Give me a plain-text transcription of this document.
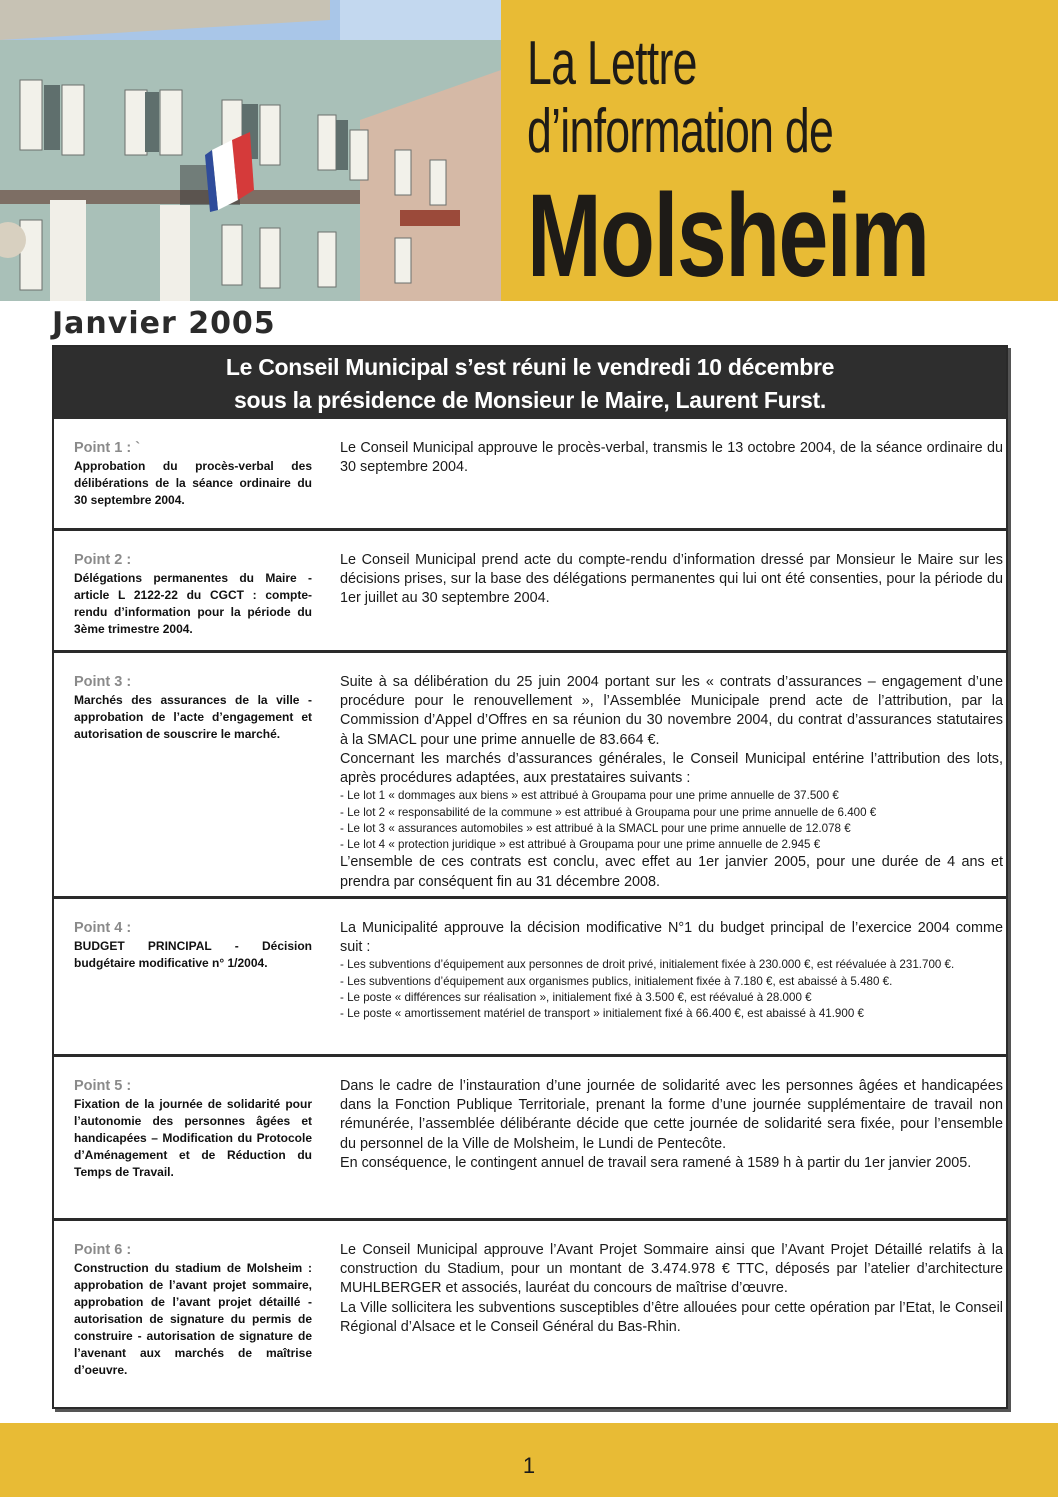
La Lettre
d’information de
Molsheim
Janvier 2005
Le Conseil Municipal s’est réuni le vendredi 10 décembre
sous la présidence de Monsieur le Maire, Laurent Furst.
Point 1 : `
Approbation du procès-verbal des délibérations de la séance ordinaire du 30 septembre 2004.

Le Conseil Municipal approuve le procès-verbal, transmis le 13 octobre 2004, de la séance ordinaire du 30 septembre 2004.

Point 2 :
Délégations permanentes du Maire - article L 2122-22 du CGCT : compte-rendu d’information pour la période du 3ème trimestre 2004.

Le Conseil Municipal prend acte du compte-rendu d’information dressé par Monsieur le Maire sur les décisions prises, sur la base des délégations permanentes qui lui ont été consenties, pour la période du 1er juillet au 30 septembre 2004.

Point 3 :
Marchés des assurances de la ville - approbation de l’acte d’engagement et autorisation de souscrire le marché.

Suite à sa délibération du 25 juin 2004 portant sur les « contrats d’assurances – engagement d’une procédure pour le renouvellement », l’Assemblée Municipale prend acte de l’attribution, par la Commission d’Appel d’Offres en sa réunion du 30 novembre 2004, du contrat d’assurances statutaires à la SMACL pour une prime annuelle de 83.664 €.

Concernant les marchés d’assurances générales, le Conseil Municipal entérine l’attribution des lots, après procédures adaptées, aux prestataires suivants :

- Le lot 1 « dommages aux biens » est attribué à Groupama pour une prime annuelle de 37.500 €

- Le lot 2 « responsabilité de la commune » est attribué à Groupama pour une prime annuelle de 6.400 €

- Le lot 3 « assurances automobiles » est attribué à la SMACL pour une prime annuelle de 12.078 €

- Le lot 4 « protection juridique » est attribué à Groupama pour une prime annuelle de 2.945 €

L’ensemble de ces contrats est conclu, avec effet au 1er janvier 2005, pour une durée de 4 ans et prendra par conséquent fin au 31 décembre 2008.

Point 4 :
BUDGET PRINCIPAL - Décision budgétaire modificative n° 1/2004.

La Municipalité approuve la décision modificative N°1 du budget principal de l’exercice 2004 comme suit :

- Les subventions d’équipement aux personnes de droit privé, initialement fixée à 230.000 €, est réévaluée à 231.700 €.

- Les subventions d’équipement aux organismes publics, initialement fixée à 7.180 €, est abaissé à 5.480 €.

- Le poste « différences sur réalisation », initialement fixé à 3.500 €, est réévalué à 28.000 €

- Le poste « amortissement matériel de transport » initialement fixé à 66.400 €, est abaissé à 41.900 €

Point 5 :
Fixation de la journée de solidarité pour l’autonomie des personnes âgées et handicapées – Modification du Protocole d’Aménagement et de Réduction du Temps de Travail.

Dans le cadre de l’instauration d’une journée de solidarité avec les personnes âgées et handicapées dans la Fonction Publique Territoriale, prenant la forme d’une journée supplémentaire de travail non rémunérée, l’assemblée délibérante décide que cette journée de solidarité sera fixée, pour l’ensemble du personnel de la Ville de Molsheim, le Lundi de Pentecôte.

En conséquence, le contingent annuel de travail sera ramené à 1589 h à partir du 1er janvier 2005.

Point 6 :
Construction du stadium de Molsheim : approbation de l’avant projet sommaire, approbation de l’avant projet détaillé - autorisation de signature du permis de construire - autorisation de signature de l’avenant aux marchés de maîtrise d’oeuvre.

Le Conseil Municipal approuve l’Avant Projet Sommaire ainsi que l’Avant Projet Détaillé relatifs à la construction du Stadium, pour un montant de 3.474.978 € TTC, déposés par l’atelier d’architecture MUHLBERGER et associés, lauréat du concours de maîtrise d’œuvre.

La Ville sollicitera les subventions susceptibles d’être allouées pour cette opération par l’Etat, le Conseil Régional d’Alsace et le Conseil Général du Bas-Rhin.

1
